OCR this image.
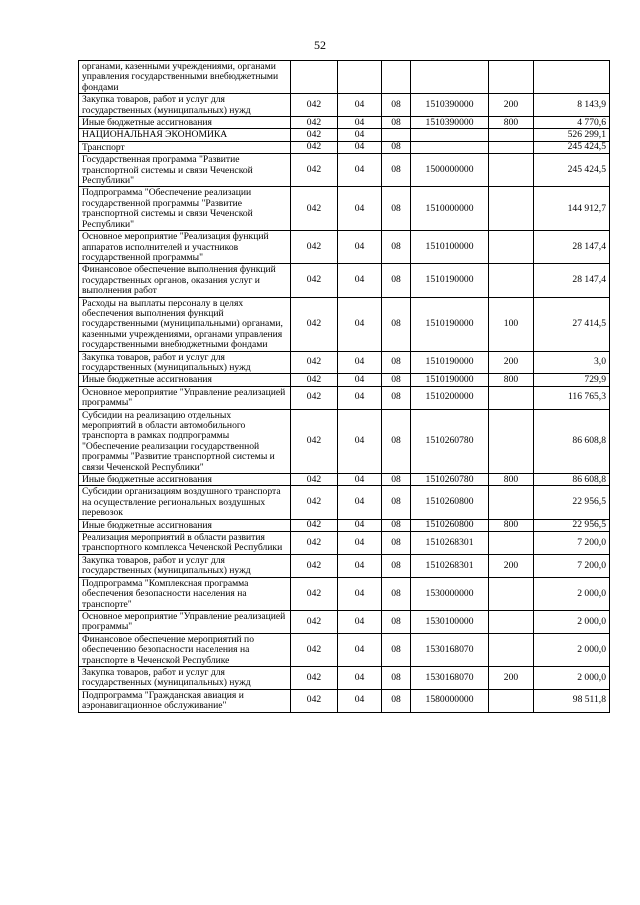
52
органами, казенными учреждениями, органами управления государственными внебюджетными фондами						
Закупка товаров, работ и услуг для государственных (муниципальных) нужд	042	04	08	1510390000	200	8 143,9
Иные бюджетные ассигнования	042	04	08	1510390000	800	4 770,6
НАЦИОНАЛЬНАЯ ЭКОНОМИКА	042	04				526 299,1
Транспорт	042	04	08			245 424,5
Государственная программа "Развитие транспортной системы и связи Чеченской Республики"	042	04	08	1500000000		245 424,5
Подпрограмма "Обеспечение реализации государственной программы "Развитие транспортной системы и связи Чеченской Республики"	042	04	08	1510000000		144 912,7
Основное мероприятие "Реализация функций аппаратов исполнителей и участников государственной программы"	042	04	08	1510100000		28 147,4
Финансовое обеспечение выполнения функций государственных органов, оказания услуг и выполнения работ	042	04	08	1510190000		28 147,4
Расходы на выплаты персоналу в целях обеспечения выполнения функций государственными (муниципальными) органами, казенными учреждениями, органами управления государственными внебюджетными фондами	042	04	08	1510190000	100	27 414,5
Закупка товаров, работ и услуг для государственных (муниципальных) нужд	042	04	08	1510190000	200	3,0
Иные бюджетные ассигнования	042	04	08	1510190000	800	729,9
Основное мероприятие "Управление реализацией программы"	042	04	08	1510200000		116 765,3
Субсидии на реализацию отдельных мероприятий в области автомобильного транспорта в рамках подпрограммы "Обеспечение реализации государственной программы "Развитие транспортной системы и связи Чеченской Республики"	042	04	08	1510260780		86 608,8
Иные бюджетные ассигнования	042	04	08	1510260780	800	86 608,8
Субсидии организациям воздушного транспорта на осуществление региональных воздушных перевозок	042	04	08	1510260800		22 956,5
Иные бюджетные ассигнования	042	04	08	1510260800	800	22 956,5
Реализация мероприятий в области развития транспортного комплекса Чеченской Республики	042	04	08	1510268301		7 200,0
Закупка товаров, работ и услуг для государственных (муниципальных) нужд	042	04	08	1510268301	200	7 200,0
Подпрограмма "Комплексная программа обеспечения безопасности населения на транспорте"	042	04	08	1530000000		2 000,0
Основное мероприятие "Управление реализацией программы"	042	04	08	1530100000		2 000,0
Финансовое обеспечение мероприятий по обеспечению безопасности населения на транспорте в Чеченской Республике	042	04	08	1530168070		2 000,0
Закупка товаров, работ и услуг для государственных (муниципальных) нужд	042	04	08	1530168070	200	2 000,0
Подпрограмма "Гражданская авиация и аэронавигационное обслуживание"	042	04	08	1580000000		98 511,8
